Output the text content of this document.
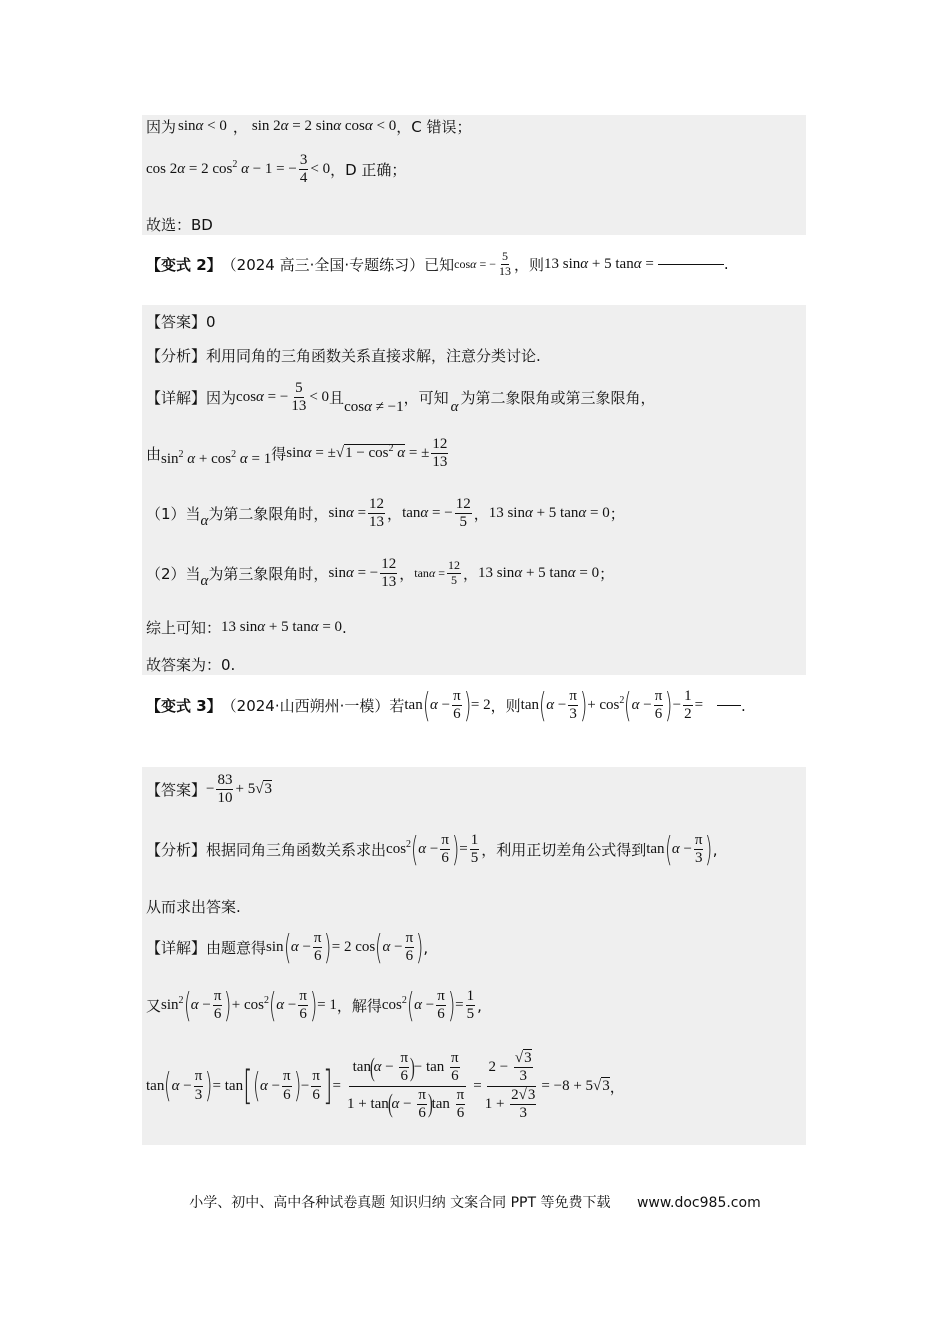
因为 sinα < 0 ， sin 2α = 2 sinα cosα < 0 ，C 错误；
cos 2α = 2 $\cos^2 \alpha - 1$ = − $\frac{3}{4} < 0$ ，D 正确；
故选：BD
【变式 2】 （2024 高三·全国·专题练习）已知 cosα = − $\frac{5}{13}$ ，则 13 sinα + 5 tanα =	.
【答案】 0
【分析】 利用同角的三角函数关系直接求解，注意分类讨论.
【详解】 因为 cosα = − $\frac{5}{13} < 0$ 且 cosα ≠ −1 ，可知 α 为第二象限角或第三象限角，
由 $\sin^2 \alpha + \cos^2 \alpha = 1$ 得 $\sin\alpha = \pm√1 - \cos^2 \alpha$ = ± $\frac{12}{13}$
（1）当 α 为第二象限角时， $\sin\alpha = \frac{12}{13}$ ， tanα = − $\frac{12}{5}$ ， 13 sinα + 5 tanα = 0 ；
（2）当 α 为第三象限角时， sinα = − $\frac{12}{13}$ ， $\tan\alpha = \frac{12}{5}$ ， 13 sinα + 5 tanα = 0 ；
综上可知： 13 sinα + 5 tanα = 0 .
故答案为：0.
【变式 3】 （2024·山西朔州·一模）若 tan ( $\alpha - \frac{\pi}{6}$ ) = 2 ，则 tan ( $\alpha - \frac{\pi}{3}$ ) + $\cos^2$ ( $\alpha - \frac{\pi}{6}$ ) − $\frac{1}{2}$ =	.
【答案】 − $\frac{83}{10} + 5√3$
【分析】 根据同角三角函数关系求出 $\cos^2$ ( $\alpha - \frac{\pi}{6}$ ) = $\frac{1}{5}$ ，利用正切差角公式得到 tan ( $\alpha - \frac{\pi}{3}$ ) ,
从而求出答案.
【详解】 由题意得 sin ( $\alpha - \frac{\pi}{6}$ ) = 2 cos ( $\alpha - \frac{\pi}{6}$ ) ,
又 $\sin^2$ ( $\alpha - \frac{\pi}{6}$ ) + $\cos^2$ ( $\alpha - \frac{\pi}{6}$ ) = 1 ，解得 $\cos^2$ ( $\alpha - \frac{\pi}{6}$ ) = $\frac{1}{5}$ ,
tan ( $\alpha - \frac{\pi}{3}$ ) = tan [ ( $\alpha - \frac{\pi}{6}$ ) − $\frac{\pi}{6}$ ] = tan
(
$\alpha - \frac{\pi}{6}$ )
− $\tan \frac{\pi}{6}$
1 + tan
(
$\alpha - \frac{\pi}{6}$ )
$\tan \frac{\pi}{6} = \frac{2 - \frac{√3}{3}}{1 + \frac{2√3}{3}} = -8 + 5√3$ ，
小学、初中、高中各种试卷真题 知识归纳 文案合同 PPT 等免费下载 www.doc985.com
